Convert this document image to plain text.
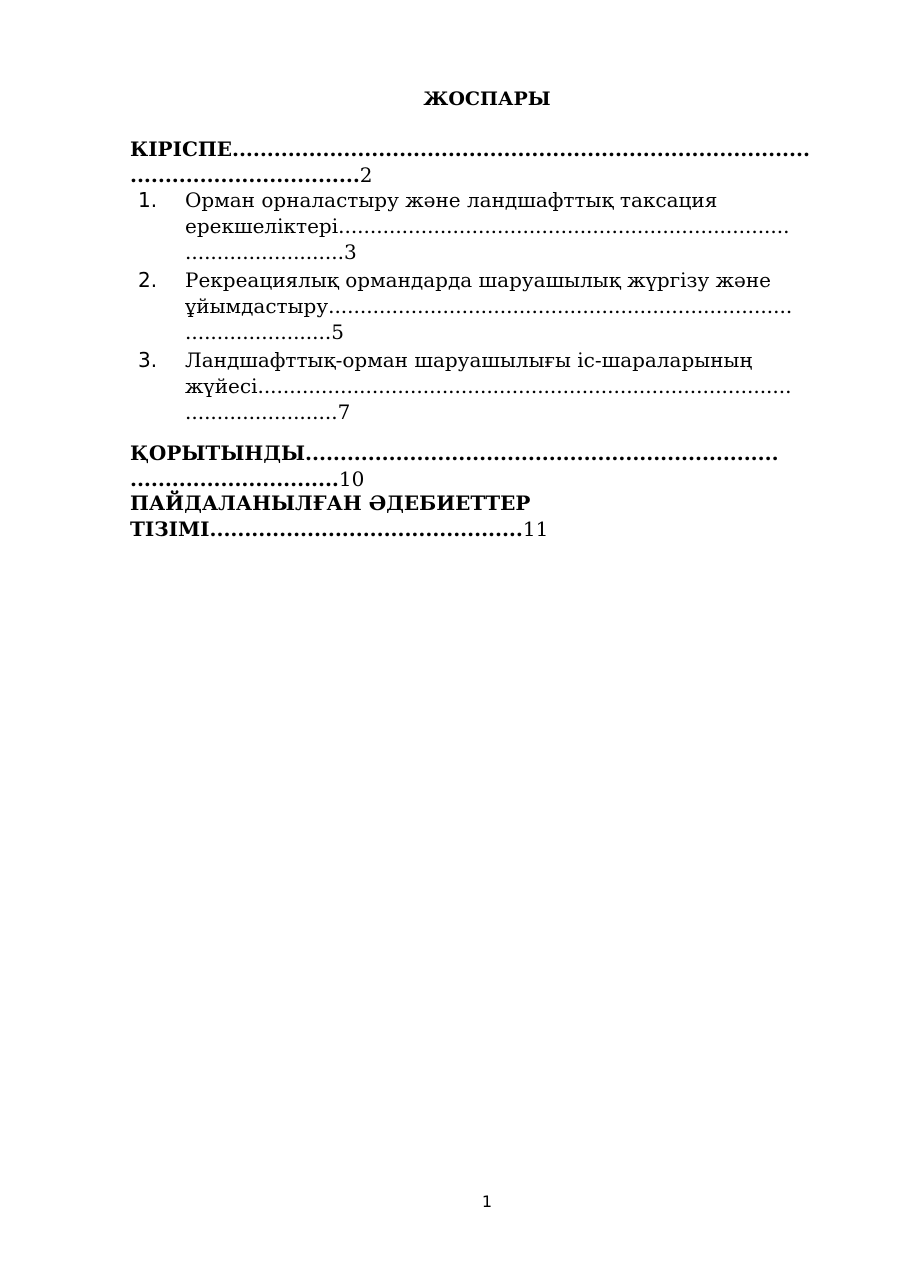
ЖОСПАРЫ
КІРІСПЕ...................................................................................
.................................2
1. Орман орналастыру және ландшафттық таксация
ерекшеліктері.......................................................................
.........................3
2. Рекреациялық ормандарда шаруашылық жүргізу және
ұйымдастыру.........................................................................
.......................5
3. Ландшафттық-орман шаруашылығы іс-шараларының
жүйесі....................................................................................
........................7
ҚОРЫТЫНДЫ....................................................................
..............................10
ПАЙДАЛАНЫЛҒАН ӘДЕБИЕТТЕР
ТІЗІМІ.............................................11
1
